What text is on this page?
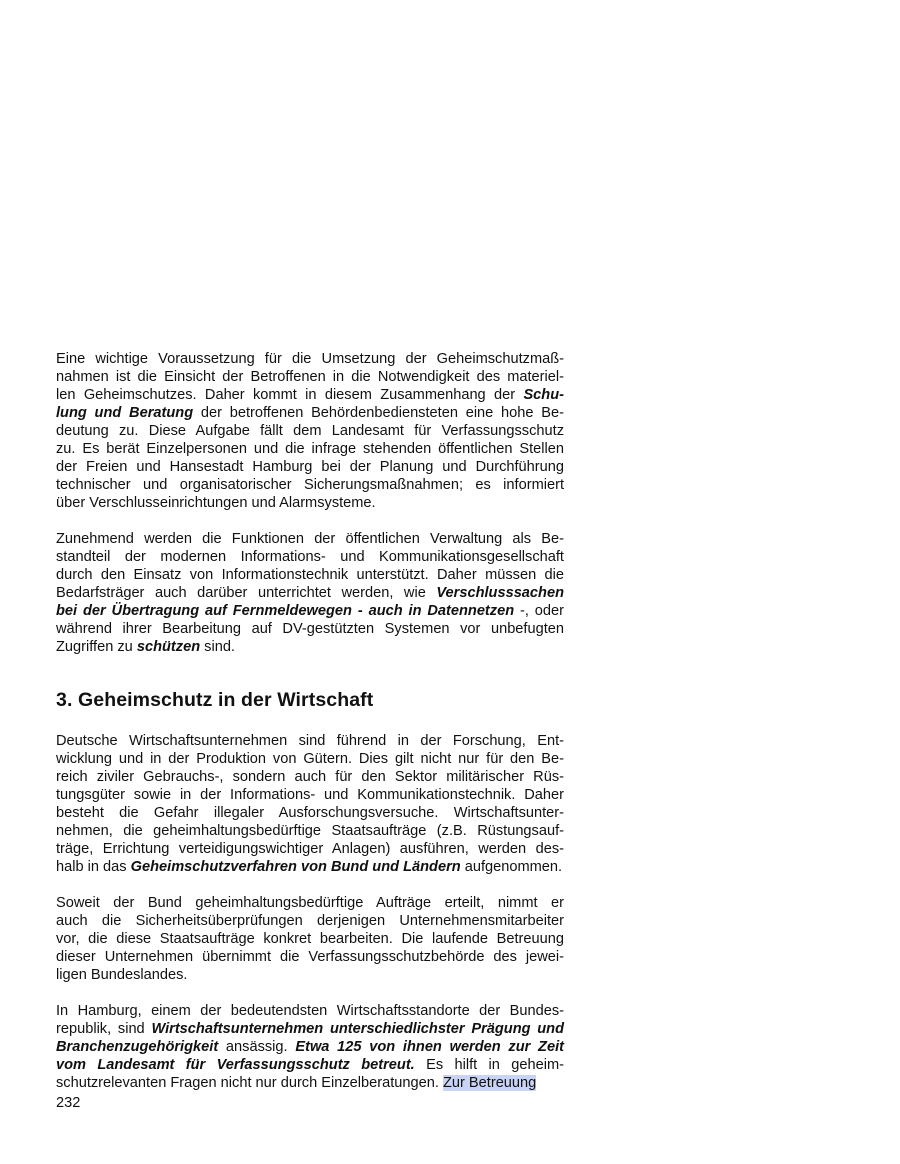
Eine wichtige Voraussetzung für die Umsetzung der Geheimschutzmaß-
nahmen ist die Einsicht der Betroffenen in die Notwendigkeit des materiel-
len Geheimschutzes. Daher kommt in diesem Zusammenhang der Schu-
lung und Beratung der betroffenen Behördenbediensteten eine hohe Be-
deutung zu. Diese Aufgabe fällt dem Landesamt für Verfassungsschutz
zu. Es berät Einzelpersonen und die infrage stehenden öffentlichen Stellen
der Freien und Hansestadt Hamburg bei der Planung und Durchführung
technischer und organisatorischer Sicherungsmaßnahmen; es informiert
über Verschlusseinrichtungen und Alarmsysteme.
Zunehmend werden die Funktionen der öffentlichen Verwaltung als Be-
standteil der modernen Informations- und Kommunikationsgesellschaft
durch den Einsatz von Informationstechnik unterstützt. Daher müssen die
Bedarfsträger auch darüber unterrichtet werden, wie Verschlusssachen
bei der Übertragung auf Fernmeldewegen - auch in Datennetzen -, oder
während ihrer Bearbeitung auf DV-gestützten Systemen vor unbefugten
Zugriffen zu schützen sind.
3. Geheimschutz in der Wirtschaft
Deutsche Wirtschaftsunternehmen sind führend in der Forschung, Ent-
wicklung und in der Produktion von Gütern. Dies gilt nicht nur für den Be-
reich ziviler Gebrauchs-, sondern auch für den Sektor militärischer Rüs-
tungsgüter sowie in der Informations- und Kommunikationstechnik. Daher
besteht die Gefahr illegaler Ausforschungsversuche. Wirtschaftsunter-
nehmen, die geheimhaltungsbedürftige Staatsaufträge (z.B. Rüstungsauf-
träge, Errichtung verteidigungswichtiger Anlagen) ausführen, werden des-
halb in das Geheimschutzverfahren von Bund und Ländern aufgenommen.
Soweit der Bund geheimhaltungsbedürftige Aufträge erteilt, nimmt er
auch die Sicherheitsüberprüfungen derjenigen Unternehmensmitarbeiter
vor, die diese Staatsaufträge konkret bearbeiten. Die laufende Betreuung
dieser Unternehmen übernimmt die Verfassungsschutzbehörde des jewei-
ligen Bundeslandes.
In Hamburg, einem der bedeutendsten Wirtschaftsstandorte der Bundes-
republik, sind Wirtschaftsunternehmen unterschiedlichster Prägung und
Branchenzugehörigkeit ansässig. Etwa 125 von ihnen werden zur Zeit
vom Landesamt für Verfassungsschutz betreut. Es hilft in geheim-
schutzrelevanten Fragen nicht nur durch Einzelberatungen. Zur Betreuung
232
